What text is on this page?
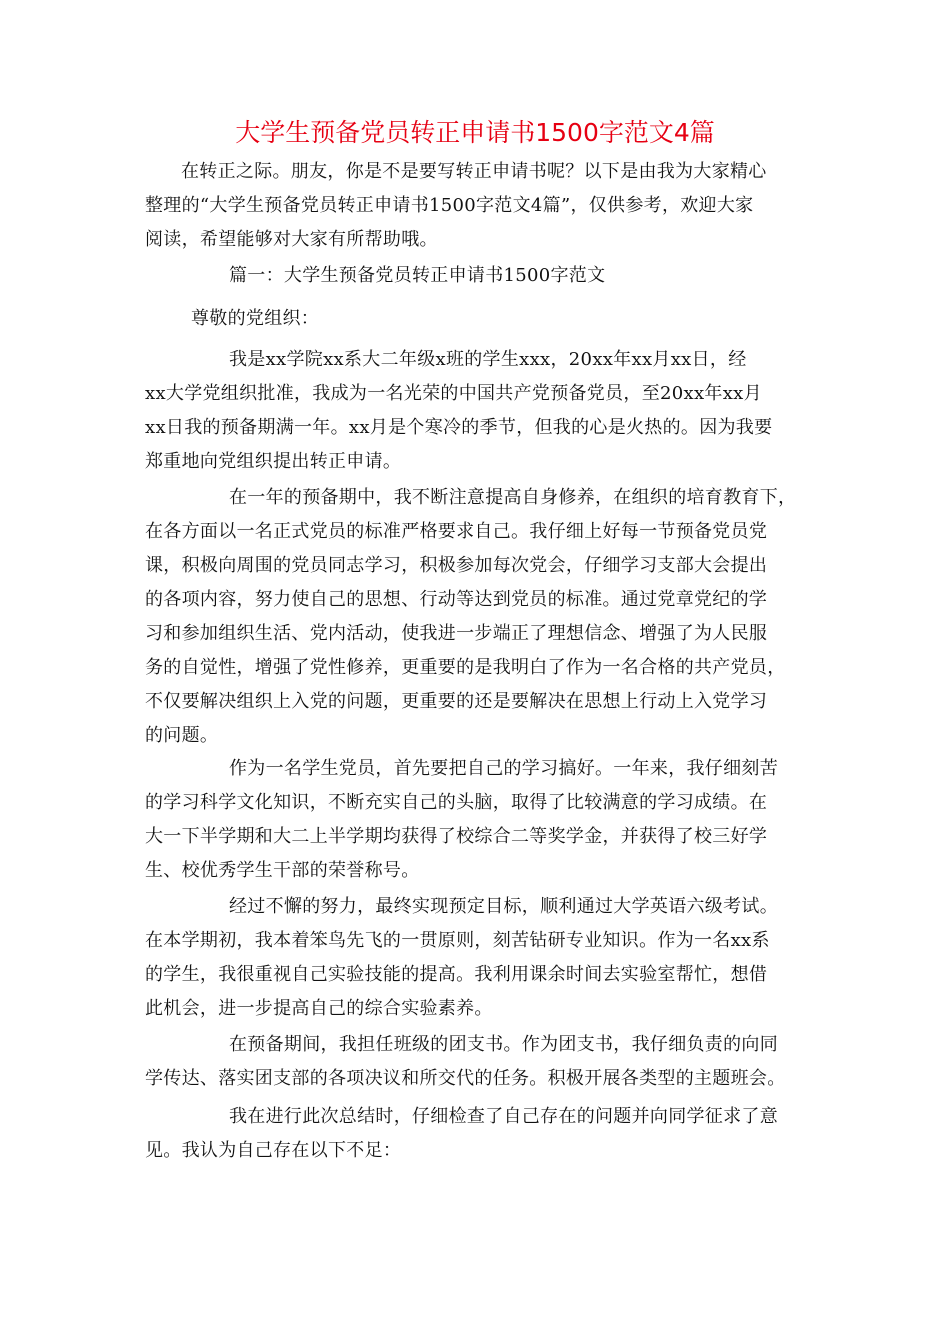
大学生预备党员转正申请书1500字范文4篇

在转正之际。朋友，你是不是要写转正申请书呢？以下是由我为大家精心
整理的“大学生预备党员转正申请书1500字范文4篇”，仅供参考，欢迎大家
阅读，希望能够对大家有所帮助哦。

篇一：大学生预备党员转正申请书1500字范文

尊敬的党组织：

我是xx学院xx系大二年级x班的学生xxx，20xx年xx月xx日，经
xx大学党组织批准，我成为一名光荣的中国共产党预备党员，至20xx年xx月
xx日我的预备期满一年。xx月是个寒冷的季节，但我的心是火热的。因为我要
郑重地向党组织提出转正申请。

在一年的预备期中，我不断注意提高自身修养，在组织的培育教育下，
在各方面以一名正式党员的标准严格要求自己。我仔细上好每一节预备党员党
课，积极向周围的党员同志学习，积极参加每次党会，仔细学习支部大会提出
的各项内容，努力使自己的思想、行动等达到党员的标准。通过党章党纪的学
习和参加组织生活、党内活动，使我进一步端正了理想信念、增强了为人民服
务的自觉性，增强了党性修养，更重要的是我明白了作为一名合格的共产党员，
不仅要解决组织上入党的问题，更重要的还是要解决在思想上行动上入党学习
的问题。

作为一名学生党员，首先要把自己的学习搞好。一年来，我仔细刻苦
的学习科学文化知识，不断充实自己的头脑，取得了比较满意的学习成绩。在
大一下半学期和大二上半学期均获得了校综合二等奖学金，并获得了校三好学
生、校优秀学生干部的荣誉称号。

经过不懈的努力，最终实现预定目标，顺利通过大学英语六级考试。
在本学期初，我本着笨鸟先飞的一贯原则，刻苦钻研专业知识。作为一名xx系
的学生，我很重视自己实验技能的提高。我利用课余时间去实验室帮忙，想借
此机会，进一步提高自己的综合实验素养。

在预备期间，我担任班级的团支书。作为团支书，我仔细负责的向同
学传达、落实团支部的各项决议和所交代的任务。积极开展各类型的主题班会。

我在进行此次总结时，仔细检查了自己存在的问题并向同学征求了意
见。我认为自己存在以下不足：
